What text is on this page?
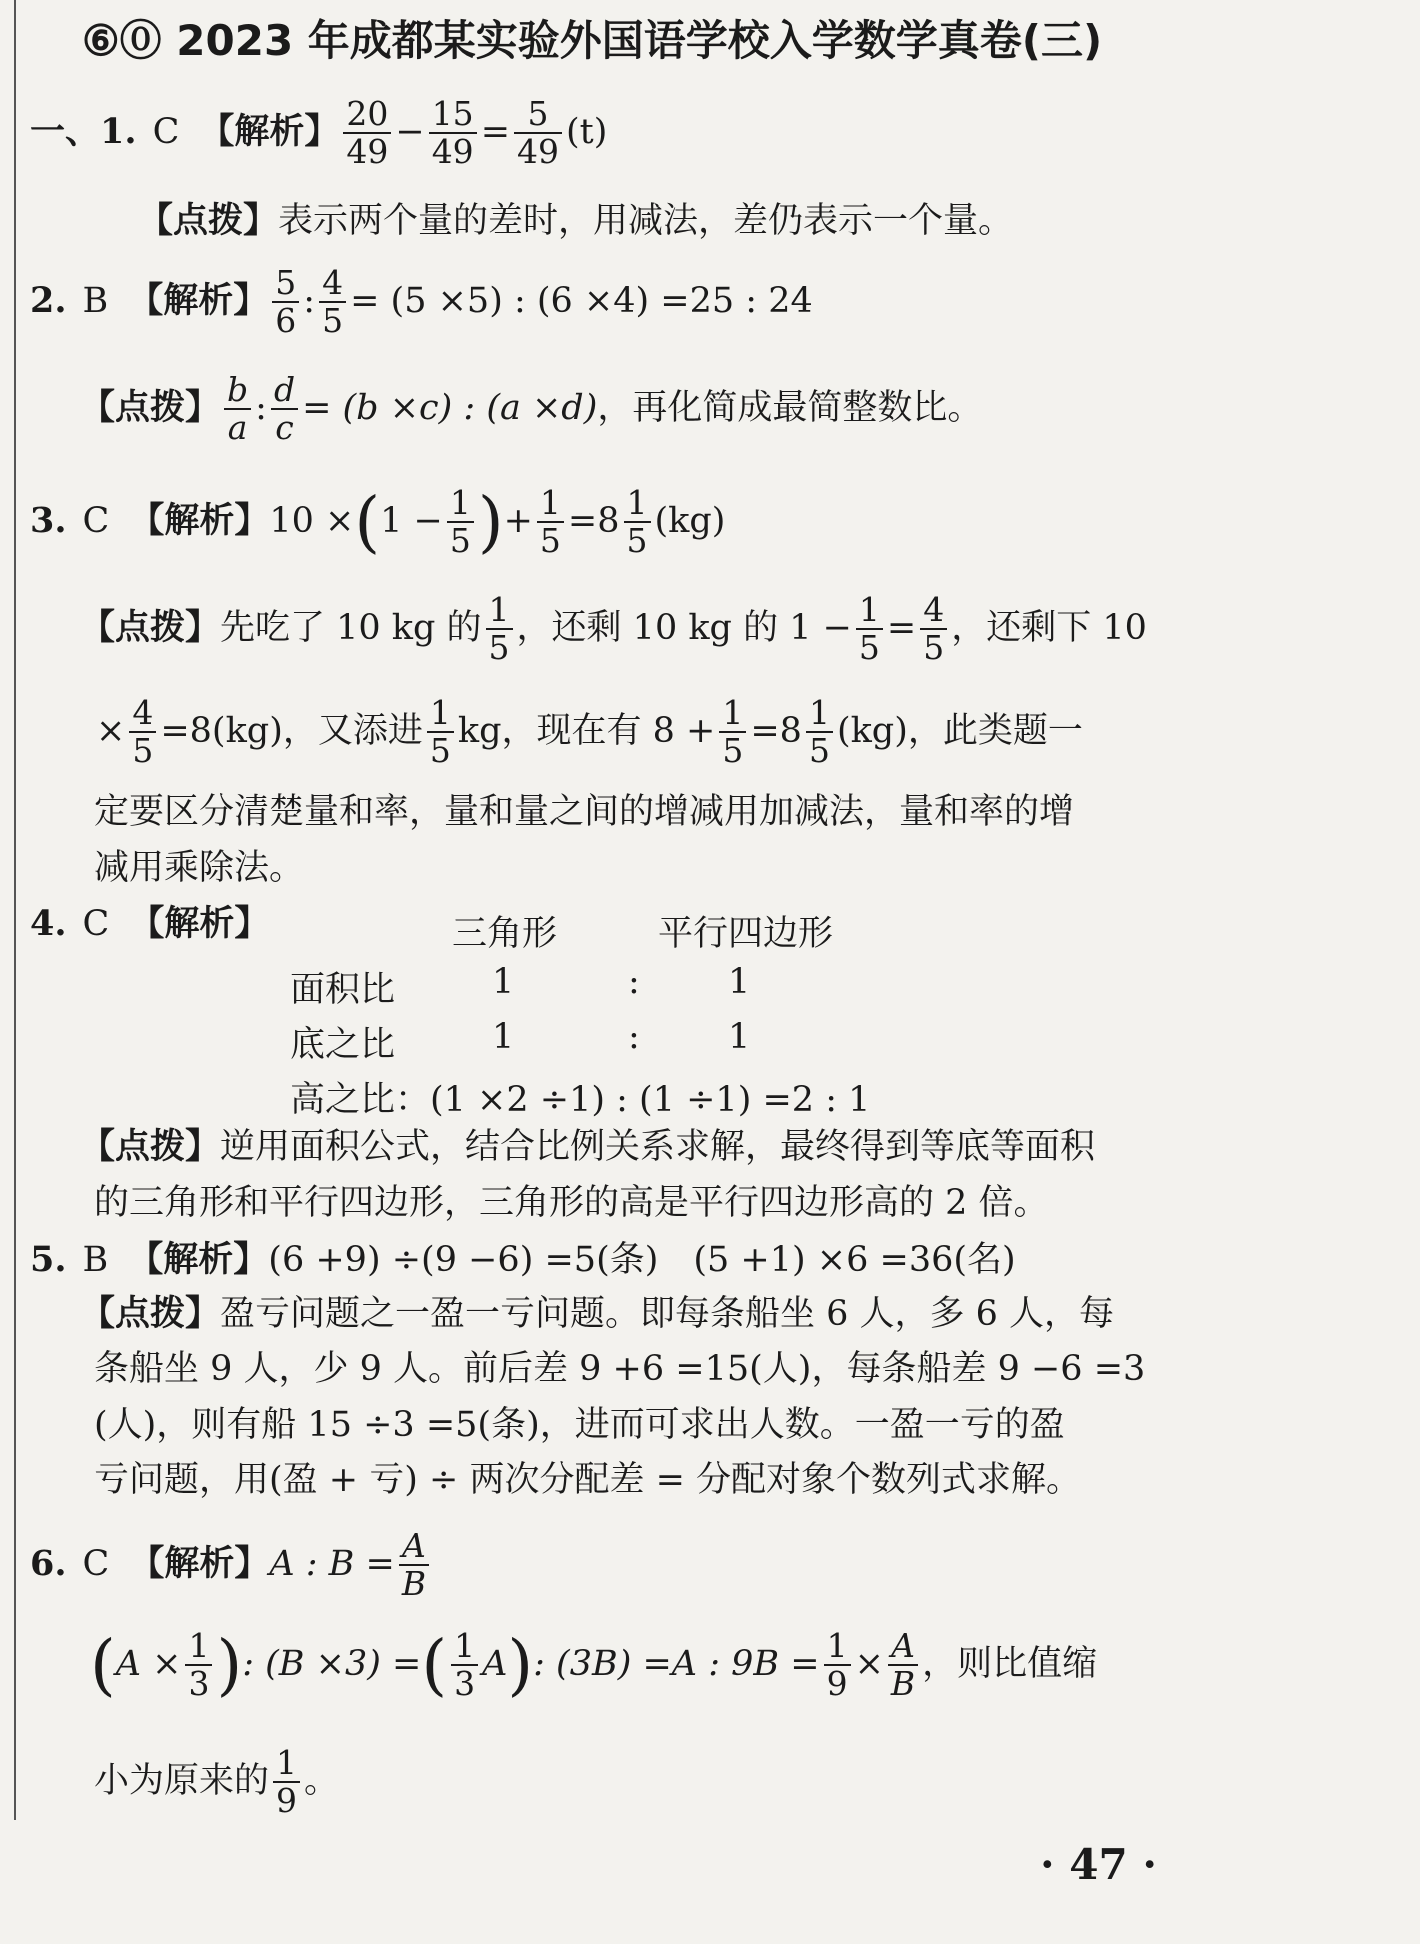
⑥⓪ 2023 年成都某实验外国语学校入学数学真卷(三)
一、1. C 【解析】 $\frac{20}{49} - \frac{15}{49} = \frac{5}{49} (t)$
【点拨】表示两个量的差时，用减法，差仍表示一个量。
2. B 【解析】 $\frac{5}{6}$ : $\frac{4}{5} = (5 \times 5)$ : (6 ×4) =25 : 24
【点拨】 $\frac{b}{a}$ : $\frac{d}{c} = (b \times c)$ : (a ×d)，再化简成最简整数比。
3. C 【解析】$10 \times(1 - \frac{1}{5}$ )+ $\frac{1}{5} =8 \frac{1}{5} (kg)$
【点拨】先吃了 10 kg 的 $\frac{1}{5}$ ，还剩 10 kg 的 $1 - \frac{1}{5} = \frac{4}{5}$ ，还剩下 10
× $\frac{4}{5} =8(kg)$，又添进 $\frac{1}{5}$ kg，现在有 $8 + \frac{1}{5} =8 \frac{1}{5} (kg)$，此类题一
定要区分清楚量和率，量和量之间的增减用加减法，量和率的增
减用乘除法。
4. C 【解析】	三角形	平行四边形
面积比	1	:	1
底之比	1	:	1
高之比：(1 ×2 ÷1) : (1 ÷1) =2 : 1
【点拨】逆用面积公式，结合比例关系求解，最终得到等底等面积
的三角形和平行四边形，三角形的高是平行四边形高的 2 倍。
5. B 【解析】(6 +9) ÷(9 −6) =5(条)　(5 +1) ×6 =36(名)
【点拨】盈亏问题之一盈一亏问题。即每条船坐 6 人，多 6 人，每
条船坐 9 人，少 9 人。前后差 9 +6 =15(人)，每条船差 9 −6 =3
(人)，则有船 15 ÷3 =5(条)，进而可求出人数。一盈一亏的盈
亏问题，用(盈 + 亏) ÷ 两次分配差 = 分配对象个数列式求解。
6. C 【解析】A : $B = \frac{A}{B}$
($A \times \frac{1}{3}$ ): (B ×3) =( $\frac{1}{3} A$): (3B) =A : $9B = \frac{1}{9} \times \frac{A}{B}$ ，则比值缩
小为原来的 $\frac{1}{9}$ 。
· 47 ·
